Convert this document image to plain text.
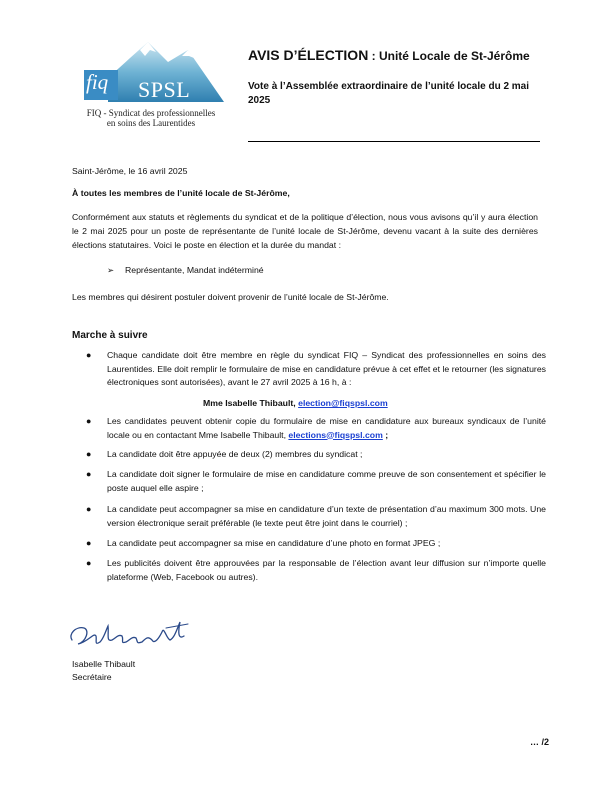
fiq SPSL
FIQ - Syndicat des professionnelles
en soins des Laurentides
AVIS D’ÉLECTION : Unité Locale de St-Jérôme
Vote à l’Assemblée extraordinaire de l’unité locale du 2 mai 2025
Saint-Jérôme, le 16 avril 2025
À toutes les membres de l’unité locale de St-Jérôme,
Conformément aux statuts et règlements du syndicat et de la politique d’élection, nous vous avisons qu’il y aura élection le 2 mai 2025 pour un poste de représentante de l’unité locale de St-Jérôme, devenu vacant à la suite des dernières élections statutaires. Voici le poste en élection et la durée du mandat :
➢ Représentante, Mandat indéterminé
Les membres qui désirent postuler doivent provenir de l’unité locale de St-Jérôme.
Marche à suivre
● Chaque candidate doit être membre en règle du syndicat FIQ – Syndicat des professionnelles en soins des Laurentides. Elle doit remplir le formulaire de mise en candidature prévue à cet effet et le retourner (les signatures électroniques sont autorisées), avant le 27 avril 2025 à 16 h, à :
Mme Isabelle Thibault, election@fiqspsl.com
● Les candidates peuvent obtenir copie du formulaire de mise en candidature aux bureaux syndicaux de l’unité locale ou en contactant Mme Isabelle Thibault, elections@fiqspsl.com ;
● La candidate doit être appuyée de deux (2) membres du syndicat ;
● La candidate doit signer le formulaire de mise en candidature comme preuve de son consentement et spécifier le poste auquel elle aspire ;
● La candidate peut accompagner sa mise en candidature d’un texte de présentation d’au maximum 300 mots. Une version électronique serait préférable (le texte peut être joint dans le courriel) ;
● La candidate peut accompagner sa mise en candidature d’une photo en format JPEG ;
● Les publicités doivent être approuvées par la responsable de l’élection avant leur diffusion sur n’importe quelle plateforme (Web, Facebook ou autres).
Isabelle Thibault
Secrétaire
… /2
